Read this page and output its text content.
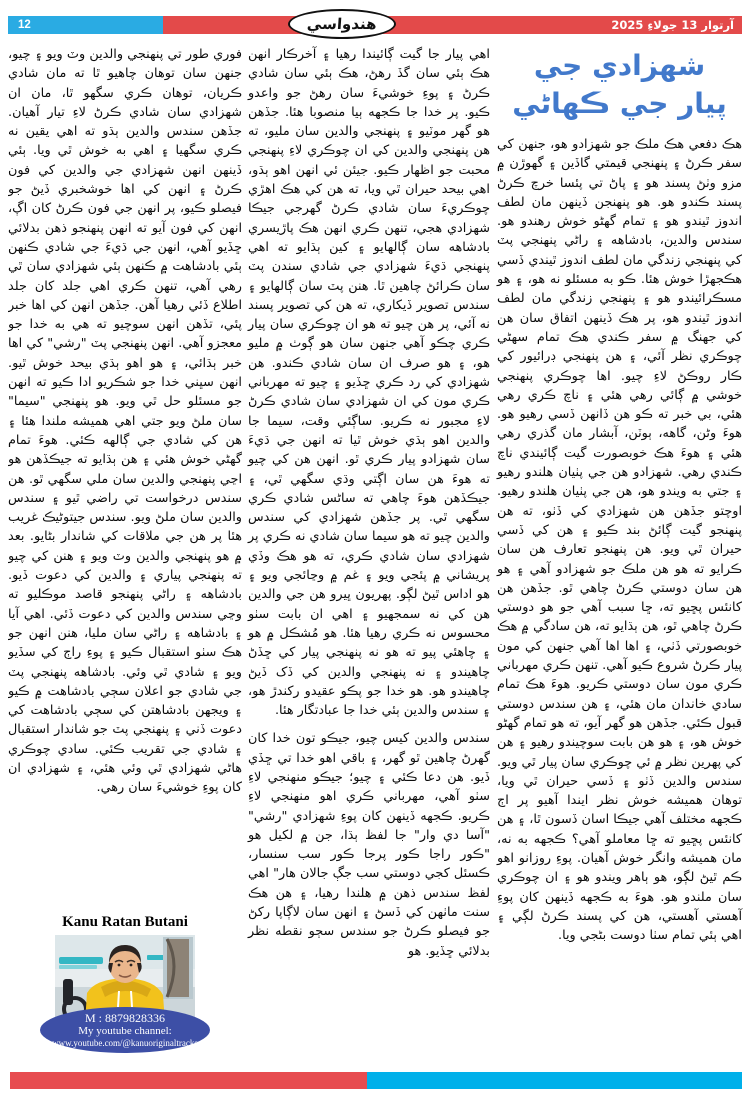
12	آرتوار 13 جولاءِ 2025
هندواسي
شهزادي جي
پيار جي ڪهاڻي

هڪ دفعي هڪ ملڪ جو شهزادو هو، جنهن کي سفر ڪرڻ ۽ پنهنجي قيمتي گاڏين ۽ گهوڙن ۾ مزو وٺڻ پسند هو ۽ پاڻ تي پئسا خرچ ڪرڻ پسند ڪندو هو. هو پنهنجن ڏينهن مان لطف اندوز ٿيندو هو ۽ تمام گهڻو خوش رهندو هو. سندس والدين، بادشاهه ۽ راڻي پنهنجي پٽ کي پنهنجي زندگي مان لطف اندوز ٿيندي ڏسي هڪجهڙا خوش هئا. ڪو به مسئلو نه هو، ۽ هو مسڪرائيندو هو ۽ پنهنجي زندگي مان لطف اندوز ٿيندو هو، پر هڪ ڏينهن اتفاق سان هن کي جهنگ ۾ سفر ڪندي هڪ تمام سهڻي چوڪري نظر آئي، ۽ هن پنهنجي ڊرائيور کي ڪار روڪڻ لاءِ چيو. اها چوڪري پنهنجي خوشي ۾ ڳائي رهي هئي ۽ ناچ ڪري رهي هئي، بي خبر ته ڪو هن ڏانهن ڏسي رهيو هو. هوءَ وڻن، گاهه، ٻوٽن، آبشار مان گذري رهي هئي ۽ هوءَ هڪ خوبصورت گيت ڳائيندي ناچ ڪندي رهي. شهزادو هن جي پٺيان هلندو رهيو ۽ جتي به ويندو هو، هن جي پٺيان هلندو رهيو. اوچتو جڏهن هن شهزادي کي ڏٺو، ته هن پنهنجو گيت ڳائڻ بند ڪيو ۽ هن کي ڏسي حيران ٿي ويو. هن پنهنجو تعارف هن سان ڪرايو ته هو هن ملڪ جو شهزادو آهي ۽ هو هن سان دوستي ڪرڻ چاهي ٿو. جڏهن هن کانئس پڇيو ته، ڇا سبب آهي جو هو دوستي ڪرڻ چاهي ٿو، هن ٻڌايو ته، هن سادگي ۾ هڪ خوبصورتي ڏٺي، ۽ اها اها آهي جنهن کي مون پيار ڪرڻ شروع ڪيو آهي. تنهن ڪري مهرباني ڪري مون سان دوستي ڪريو. هوءَ هڪ تمام سادي خاندان مان هئي، ۽ هن سندس دوستي قبول ڪئي. جڏهن هو گهر آيو، ته هو تمام گهڻو خوش هو، ۽ هو هن بابت سوچيندو رهيو ۽ هن کي پهرين نظر ۾ ئي چوڪري سان پيار ٿي ويو. سندس والدين ڏٺو ۽ ڏسي حيران ٿي ويا، توهان هميشه خوش نظر ايندا آهيو پر اڄ ڪجهه مختلف آهي جيڪا اسان ڏسون ٿا، ۽ هن کانئس پڇيو ته ڇا معاملو آهي؟ ڪجهه به نه، مان هميشه وانگر خوش آهيان. پوءِ روزانو اهو ڪم ٿيڻ لڳو، هو ٻاهر ويندو هو ۽ ان چوڪري سان ملندو هو. هوءَ به ڪجهه ڏينهن کان پوءِ آهستي آهستي، هن کي پسند ڪرڻ لڳي ۽ اهي ٻئي تمام سٺا دوست بڻجي ويا.

اهي پيار جا گيت ڳائيندا رهيا ۽ آخرڪار انهن هڪ ٻئي سان گڏ رهڻ، هڪ ٻئي سان شادي ڪرڻ ۽ پوءِ خوشيءَ سان رهڻ جو واعدو ڪيو. پر خدا جا ڪجهه ٻيا منصوبا هئا. جڏهن هو گهر موٽيو ۽ پنهنجي والدين سان مليو، ته هن پنهنجي والدين کي ان چوڪري لاءِ پنهنجي محبت جو اظهار ڪيو. جيئن ئي انهن اهو ٻڌو، اهي بيحد حيران ٿي ويا، ته هن کي هڪ اهڙي چوڪريءَ سان شادي ڪرڻ گهرجي جيڪا شهزادي هجي، تنهن ڪري انهن هڪ پاڙيسري بادشاهه سان ڳالهايو ۽ کين ٻڌايو ته اهي پنهنجي ڌيءَ شهزادي جي شادي سندن پٽ سان ڪرائڻ چاهين ٿا. هنن پٽ سان ڳالهايو ۽ سندس تصوير ڏيکاري، ته هن کي تصوير پسند نه آئي، پر هن چيو ته هو ان چوڪري سان پيار ڪري چڪو آهي جنهن سان هو ڳوٺ ۾ مليو هو، ۽ هو صرف ان سان شادي ڪندو. هن شهزادي کي رد ڪري ڇڏيو ۽ چيو ته مهرباني ڪري مون کي ان شهزادي سان شادي ڪرڻ لاءِ مجبور نه ڪريو. ساڳئي وقت، سيما جا والدين اهو ٻڌي خوش ٿيا ته انهن جي ڌيءَ سان شهزادو پيار ڪري ٿو. انهن هن کي چيو ته هوءَ هن سان اڳتي وڌي سگهي ٿي، ۽ جيڪڏهن هوءَ چاهي ته ساڻس شادي ڪري سگهي ٿي. پر جڏهن شهزادي کي سندس والدين چيو ته هو سيما سان شادي نه ڪري پر شهزادي سان شادي ڪري، ته هو هڪ وڏي پريشاني ۾ پئجي ويو ۽ غم ۾ وڃائجي ويو ۽ هو اداس ٿيڻ لڳو. پهريون ڀيرو هن جي والدين هن کي نه سمجهيو ۽ اهي ان بابت سٺو محسوس نه ڪري رهيا هئا. هو مُشڪل ۾ هو ۽ چاهئي پيو ته هو نه پنهنجي پيار کي ڇڏڻ چاهيندو ۽ نه پنهنجي والدين کي ڏک ڏيڻ چاهيندو هو. هو خدا جو پڪو عقيدو رکندڙ هو، ۽ سندس والدين ٻئي خدا جا عبادتگار هئا.

سندس والدين کيس چيو، جيڪو تون خدا کان گهرڻ چاهين ٿو گهر، ۽ باقي اهو خدا تي ڇڏي ڏيو. هن دعا ڪئي ۽ چيو؛ جيڪو منهنجي لاءِ سٺو آهي، مهرباني ڪري اهو منهنجي لاءِ ڪريو. ڪجهه ڏينهن کان پوءِ شهزادي "رشي" "آسا دي وار" جا لفظ ٻڌا، جن ۾ لکيل هو "ڪور راجا ڪور پرجا ڪور سب سنسار، ڪسئل کجي دوستي سب جڳ جالان هار" اهي لفظ سندس ذهن ۾ هلندا رهيا، ۽ هن هڪ سنت ماٺهن کي ڏسڻ ۽ انهن سان لاڳاپا رکڻ جو فيصلو ڪرڻ جو سندس سڄو نقطه نظر بدلائي ڇڏيو. هو

فوري طور تي پنهنجي والدين وٽ ويو ۽ چيو، جنهن سان توهان چاهيو ٿا ته مان شادي ڪريان، توهان ڪري سگهو ٿا، مان ان شهزادي سان شادي ڪرڻ لاءِ تيار آهيان. جڏهن سندس والدين ٻڌو ته اهي يقين نه ڪري سگهيا ۽ اهي به خوش ٿي ويا. ٻئي ڏينهن انهن شهزادي جي والدين کي فون ڪرڻ ۽ انهن کي اها خوشخبري ڏيڻ جو فيصلو ڪيو، پر انهن جي فون ڪرڻ کان اڳ، انهن کي فون آيو ته انهن پنهنجو ذهن بدلائي ڇڏيو آهي، انهن جي ڌيءَ جي شادي ڪنهن ٻئي بادشاهت ۾ ڪنهن ٻئي شهزادي سان ٿي رهي آهي، تنهن ڪري اهي جلد کان جلد اطلاع ڏئي رهيا آهن. جڏهن انهن کي اها خبر پئي، تڏهن انهن سوچيو ته هي به خدا جو معجزو آهي. انهن پنهنجي پٽ "رشي" کي اها خبر ٻڌائي، ۽ هو اهو ٻڌي بيحد خوش ٿيو. انهن سڀني خدا جو شڪريو ادا ڪيو ته انهن جو مسئلو حل ٿي ويو. هو پنهنجي "سيما" سان ملڻ ويو جتي اهي هميشه ملندا هئا ۽ هن کي شادي جي ڳالهه ڪئي. هوءَ تمام گهڻي خوش هئي ۽ هن ٻڌايو ته جيڪڏهن هو اڃي پنهنجي والدين سان ملي سگهي ٿو. هن سندس درخواست تي راضي ٿيو ۽ سندس والدين سان ملڻ ويو. سندس جيتوڻيڪ غريب هئا پر هن جي ملاقات کي شاندار بڻايو. بعد ۾ هو پنهنجي والدين وٽ ويو ۽ هنن کي چيو ته پنهنجي پياري ۽ والدين کي دعوت ڏيو. بادشاهه ۽ راڻي پنهنجو قاصد موڪليو ته وڃي سندس والدين کي دعوت ڏئي. اهي آيا ۽ بادشاهه ۽ راڻي سان مليا، هنن انهن جو هڪ سٺو استقبال ڪيو ۽ پوءِ راڄ کي سڏيو ويو ۽ شادي ٿي وئي. بادشاهه پنهنجي پٽ جي شادي جو اعلان سڄي بادشاهت ۾ ڪيو ۽ ويجهن بادشاهتن کي سڄي بادشاهت کي دعوت ڏني ۽ پنهنجي پٽ جو شاندار استقبال ۽ شادي جي تقريب ڪئي. سادي چوڪري هاڻي شهزادي ٿي وئي هئي، ۽ شهزادي ان کان پوءِ خوشيءَ سان رهي.

Kanu Ratan Butani
M : 8879828336
My youtube channel:
www.youtube.com/@kanuoriginaltracks
